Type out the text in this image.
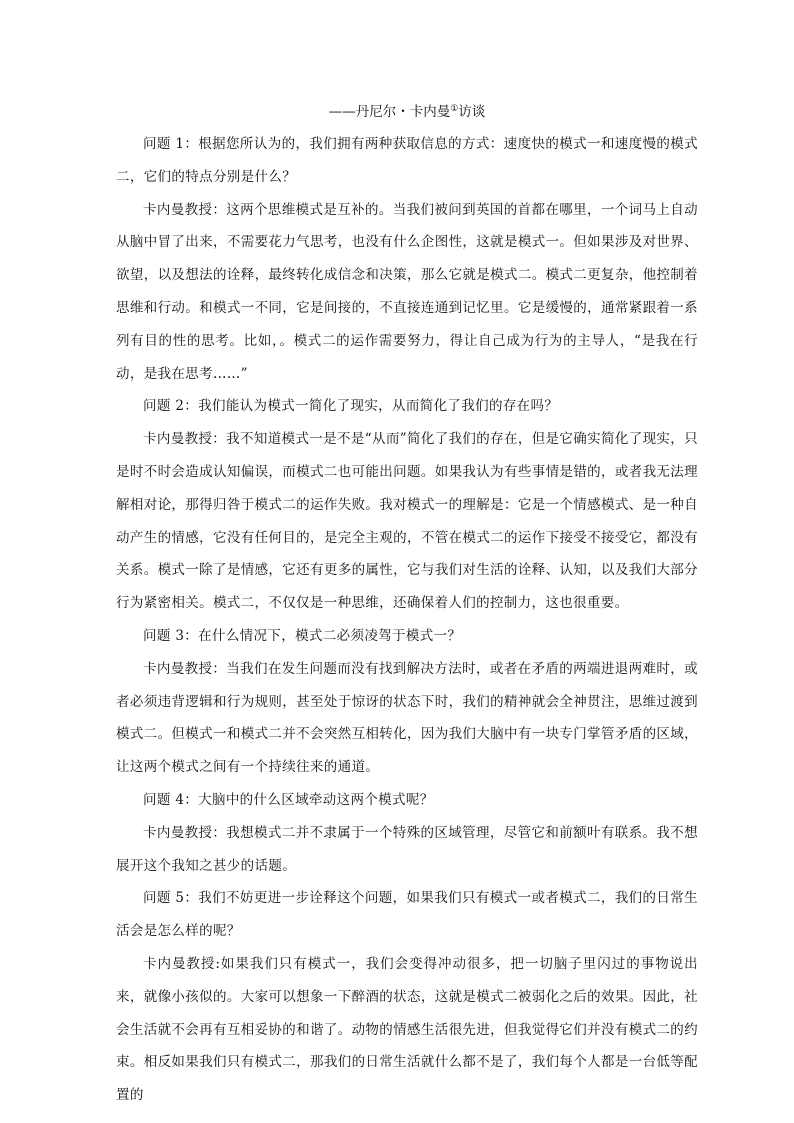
——丹尼尔・卡内曼①访谈

问题 1：根据您所认为的，我们拥有两种获取信息的方式：速度快的模式一和速度慢的模式二，它们的特点分别是什么？

卡内曼教授：这两个思维模式是互补的。当我们被问到英国的首都在哪里，一个词马上自动从脑中冒了出来，不需要花力气思考，也没有什么企图性，这就是模式一。但如果涉及对世界、欲望，以及想法的诠释，最终转化成信念和决策，那么它就是模式二。模式二更复杂，他控制着思维和行动。和模式一不同，它是间接的，不直接连通到记忆里。它是缓慢的，通常紧跟着一系列有目的性的思考。比如，。模式二的运作需要努力，得让自己成为行为的主导人，“是我在行动，是我在思考……”

问题 2：我们能认为模式一简化了现实，从而简化了我们的存在吗？

卡内曼教授：我不知道模式一是不是“从而”简化了我们的存在，但是它确实简化了现实，只是时不时会造成认知偏误，而模式二也可能出问题。如果我认为有些事情是错的，或者我无法理解相对论，那得归咎于模式二的运作失败。我对模式一的理解是：它是一个情感模式、是一种自动产生的情感，它没有任何目的，是完全主观的，不管在模式二的运作下接受不接受它，都没有关系。模式一除了是情感，它还有更多的属性，它与我们对生活的诠释、认知，以及我们大部分行为紧密相关。模式二，不仅仅是一种思维，还确保着人们的控制力，这也很重要。

问题 3：在什么情况下，模式二必须凌驾于模式一？

卡内曼教授：当我们在发生问题而没有找到解决方法时，或者在矛盾的两端进退两难时，或者必须违背逻辑和行为规则，甚至处于惊讶的状态下时，我们的精神就会全神贯注，思维过渡到模式二。但模式一和模式二并不会突然互相转化，因为我们大脑中有一块专门掌管矛盾的区域，让这两个模式之间有一个持续往来的通道。

问题 4：大脑中的什么区域牵动这两个模式呢？

卡内曼教授：我想模式二并不隶属于一个特殊的区域管理，尽管它和前额叶有联系。我不想展开这个我知之甚少的话题。

问题 5：我们不妨更进一步诠释这个问题，如果我们只有模式一或者模式二，我们的日常生活会是怎么样的呢？

卡内曼教授:如果我们只有模式一，我们会变得冲动很多，把一切脑子里闪过的事物说出来，就像小孩似的。大家可以想象一下醉酒的状态，这就是模式二被弱化之后的效果。因此，社会生活就不会再有互相妥协的和谐了。动物的情感生活很先进，但我觉得它们并没有模式二的约束。相反如果我们只有模式二，那我们的日常生活就什么都不是了，我们每个人都是一台低等配置的
